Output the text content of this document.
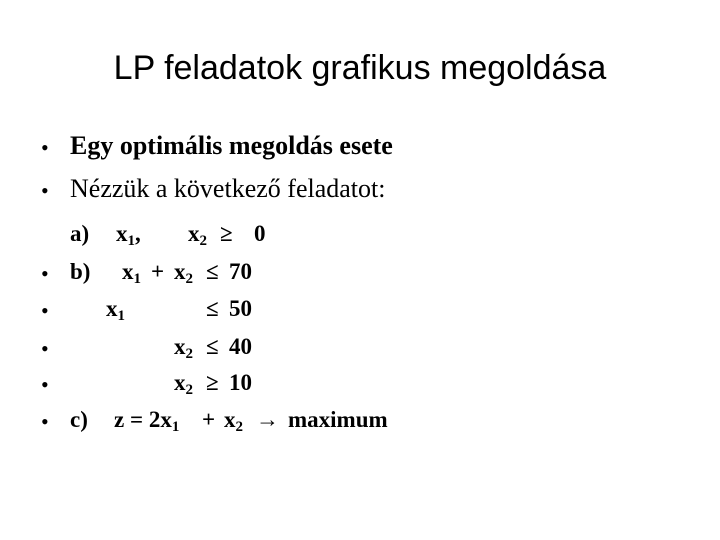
LP feladatok grafikus megoldása
• Egy optimális megoldás esete
• Nézzük a következő feladatot:
a) $x_1$, $x_2 \ge 0$
• b) $x_1 + x_2 \le 70$
• $x_1$	≤ 50
•	$x_2 \le 40$
•	$x_2 \ge 10$
• c) $z = 2x_1 + x_2$ → maximum
